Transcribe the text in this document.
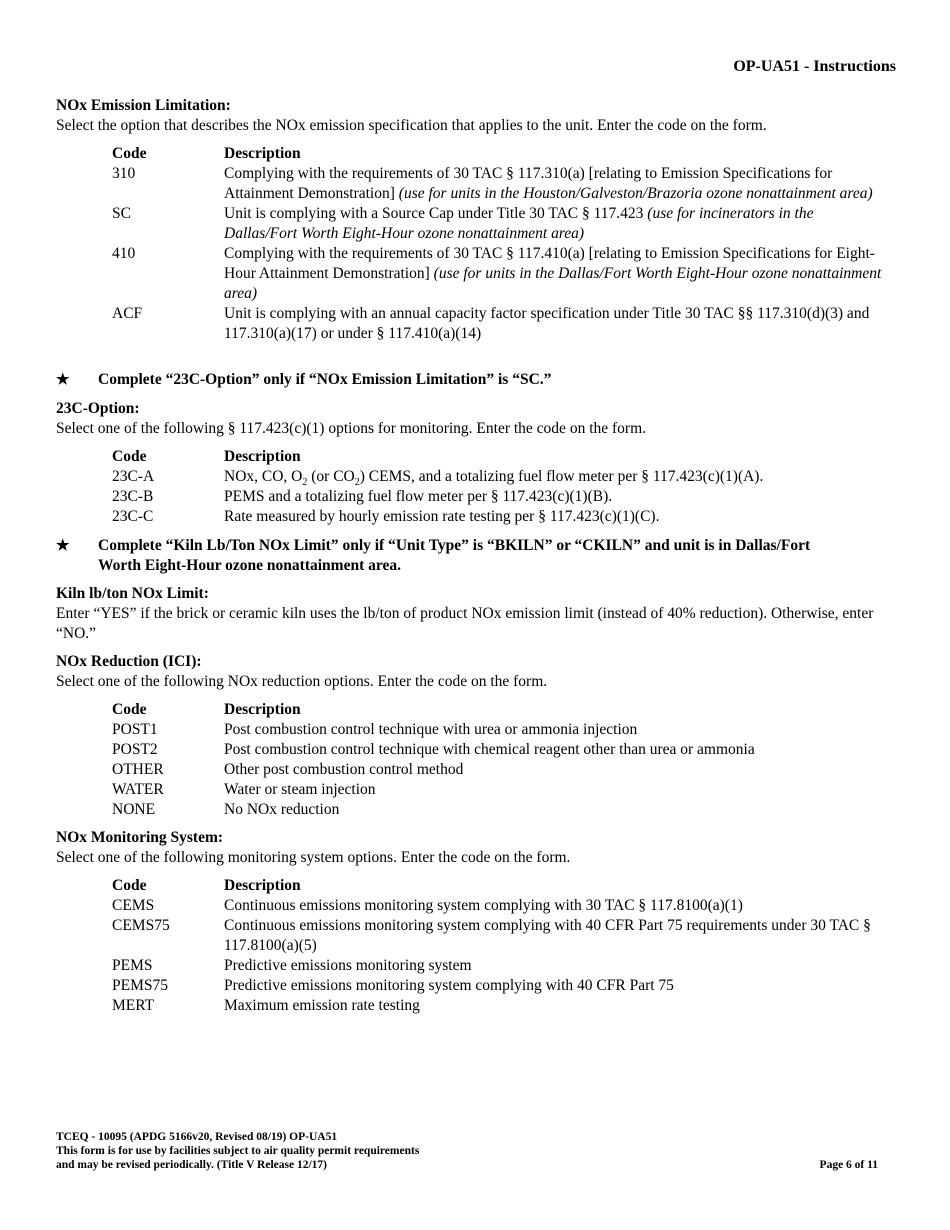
OP-UA51 - Instructions
NOx Emission Limitation:
Select the option that describes the NOx emission specification that applies to the unit. Enter the code on the form.
Code	Description
310	Complying with the requirements of 30 TAC § 117.310(a) [relating to Emission Specifications for Attainment Demonstration] (use for units in the Houston/Galveston/Brazoria ozone nonattainment area)
SC	Unit is complying with a Source Cap under Title 30 TAC § 117.423 (use for incinerators in the Dallas/Fort Worth Eight-Hour ozone nonattainment area)
410	Complying with the requirements of 30 TAC § 117.410(a) [relating to Emission Specifications for Eight-Hour Attainment Demonstration] (use for units in the Dallas/Fort Worth Eight-Hour ozone nonattainment area)
ACF	Unit is complying with an annual capacity factor specification under Title 30 TAC §§ 117.310(d)(3) and 117.310(a)(17) or under § 117.410(a)(14)
★	Complete “23C-Option” only if “NOx Emission Limitation” is “SC.”
23C-Option:
Select one of the following § 117.423(c)(1) options for monitoring. Enter the code on the form.
Code	Description
23C-A	NOx, CO, $O_2$ (or $CO_2$) CEMS, and a totalizing fuel flow meter per § 117.423(c)(1)(A).
23C-B	PEMS and a totalizing fuel flow meter per § 117.423(c)(1)(B).
23C-C	Rate measured by hourly emission rate testing per § 117.423(c)(1)(C).
★	Complete “Kiln Lb/Ton NOx Limit” only if “Unit Type” is “BKILN” or “CKILN” and unit is in Dallas/Fort Worth Eight-Hour ozone nonattainment area.
Kiln lb/ton NOx Limit:
Enter “YES” if the brick or ceramic kiln uses the lb/ton of product NOx emission limit (instead of 40% reduction). Otherwise, enter “NO.”
NOx Reduction (ICI):
Select one of the following NOx reduction options. Enter the code on the form.
Code	Description
POST1	Post combustion control technique with urea or ammonia injection
POST2	Post combustion control technique with chemical reagent other than urea or ammonia
OTHER	Other post combustion control method
WATER	Water or steam injection
NONE	No NOx reduction
NOx Monitoring System:
Select one of the following monitoring system options. Enter the code on the form.
Code	Description
CEMS	Continuous emissions monitoring system complying with 30 TAC § 117.8100(a)(1)
CEMS75	Continuous emissions monitoring system complying with 40 CFR Part 75 requirements under 30 TAC § 117.8100(a)(5)
PEMS	Predictive emissions monitoring system
PEMS75	Predictive emissions monitoring system complying with 40 CFR Part 75
MERT	Maximum emission rate testing
TCEQ - 10095 (APDG 5166v20, Revised 08/19) OP-UA51
This form is for use by facilities subject to air quality permit requirements
and may be revised periodically. (Title V Release 12/17)	Page 6 of 11
